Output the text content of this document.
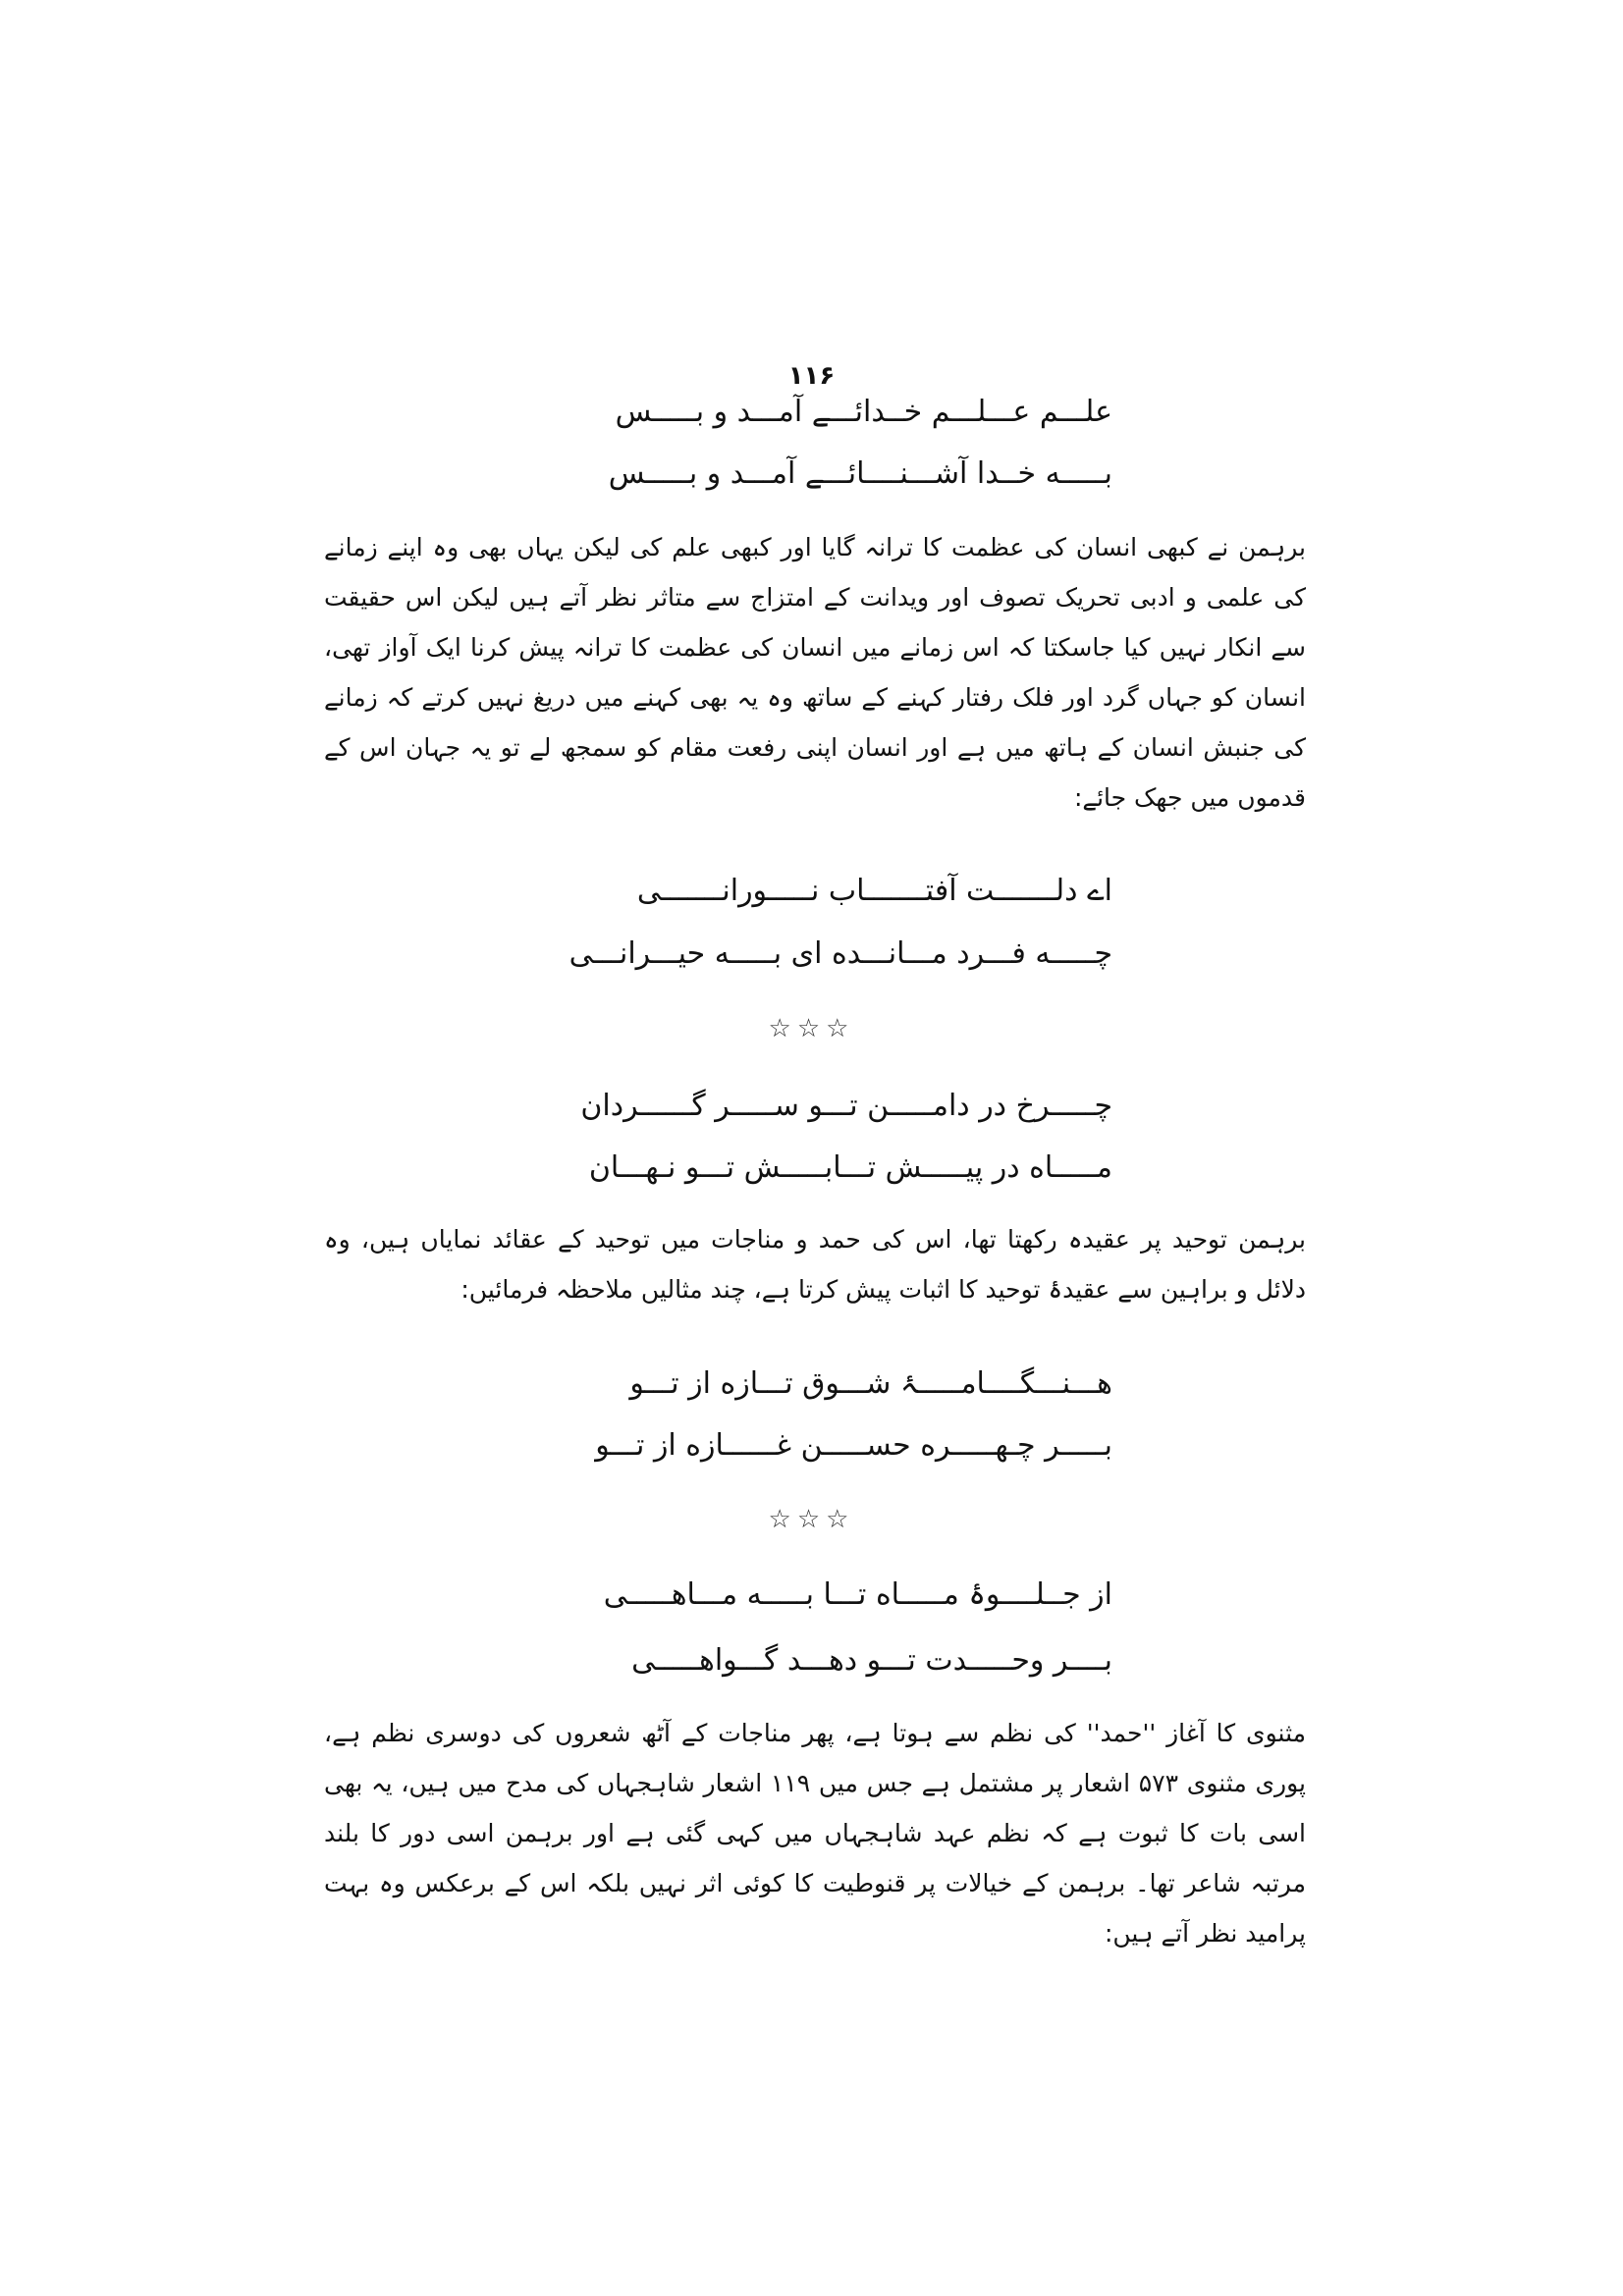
۱۱۶
علـــم عـــلـــم خــدائـــے آمـــد و بـــــس
بـــــه خــدا آشـــنــــائـــے آمـــد و بـــــس

برہمن نے کبھی انسان کی عظمت کا ترانہ گایا اور کبھی علم کی لیکن یہاں بھی وہ اپنے زمانے کی علمی و ادبی تحریک تصوف اور ویدانت کے امتزاج سے متاثر نظر آتے ہیں لیکن اس حقیقت سے انکار نہیں کیا جاسکتا کہ اس زمانے میں انسان کی عظمت کا ترانہ پیش کرنا ایک آواز تھی، انسان کو جہاں گرد اور فلک رفتار کہنے کے ساتھ وہ یہ بھی کہنے میں دریغ نہیں کرتے کہ زمانے کی جنبش انسان کے ہاتھ میں ہے اور انسان اپنی رفعت مقام کو سمجھ لے تو یہ جہان اس کے قدموں میں جھک جائے:

اے دلـــــــت آفتـــــــاب نـــــورانـــــــی
چـــــه فـــرد مـــانـــده ای بـــــه حیـــرانـــی
☆☆☆
چـــــرخ در دامـــــن تـــو ســـــر گــــــردان
مـــــاه در پیـــــش تـــابـــــش تـــو نـهـــان

برہمن توحید پر عقیدہ رکھتا تھا، اس کی حمد و مناجات میں توحید کے عقائد نمایاں ہیں، وہ دلائل و براہین سے عقیدۂ توحید کا اثبات پیش کرتا ہے، چند مثالیں ملاحظہ فرمائیں:

هـــنـــگــــامـــــۂ شـــوق تـــازه از تـــو
بـــــر چـهـــــره حســـــن غــــــازه از تـــو
☆☆☆
از جــلــــوۂ مـــــاه تـــا بـــــه مـــاهـــــی
بــــر وحـــــدت تـــو دهـــد گـــواهـــــی

مثنوی کا آغاز ''حمد'' کی نظم سے ہوتا ہے، پھر مناجات کے آٹھ شعروں کی دوسری نظم ہے، پوری مثنوی ۵۷۳ اشعار پر مشتمل ہے جس میں ۱۱۹ اشعار شاہجہاں کی مدح میں ہیں، یہ بھی اسی بات کا ثبوت ہے کہ نظم عہد شاہجہاں میں کہی گئی ہے اور برہمن اسی دور کا بلند مرتبہ شاعر تھا۔ برہمن کے خیالات پر قنوطیت کا کوئی اثر نہیں بلکہ اس کے برعکس وہ بہت پرامید نظر آتے ہیں:
